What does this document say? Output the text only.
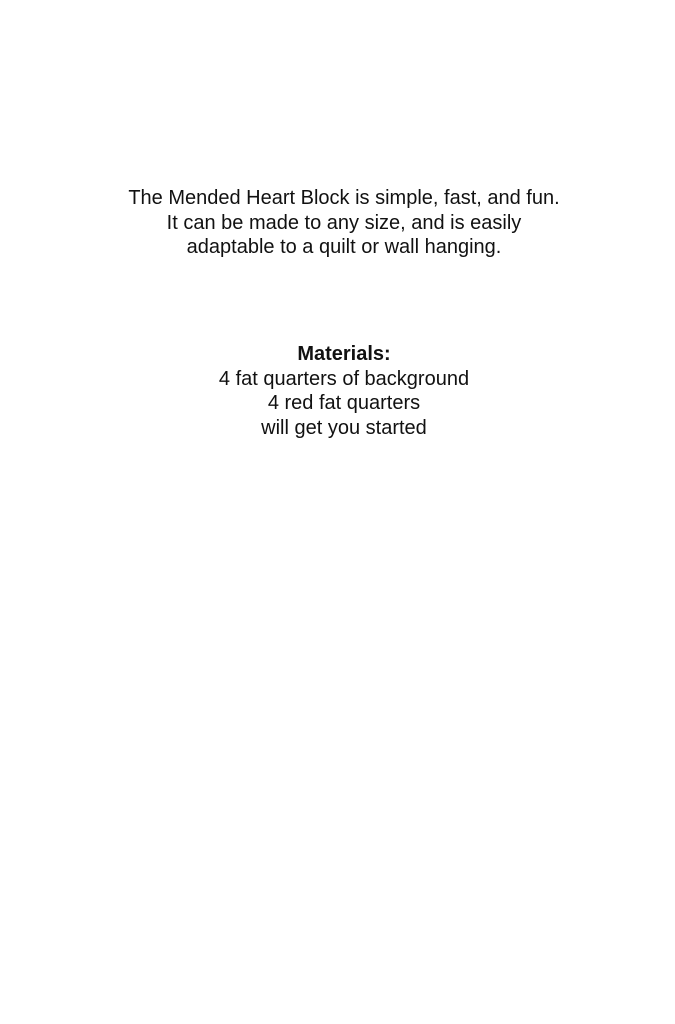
The Mended Heart Block is simple, fast, and fun.
It can be made to any size, and is easily
adaptable to a quilt or wall hanging.
Materials:
4 fat quarters of background
4 red fat quarters
will get you started
